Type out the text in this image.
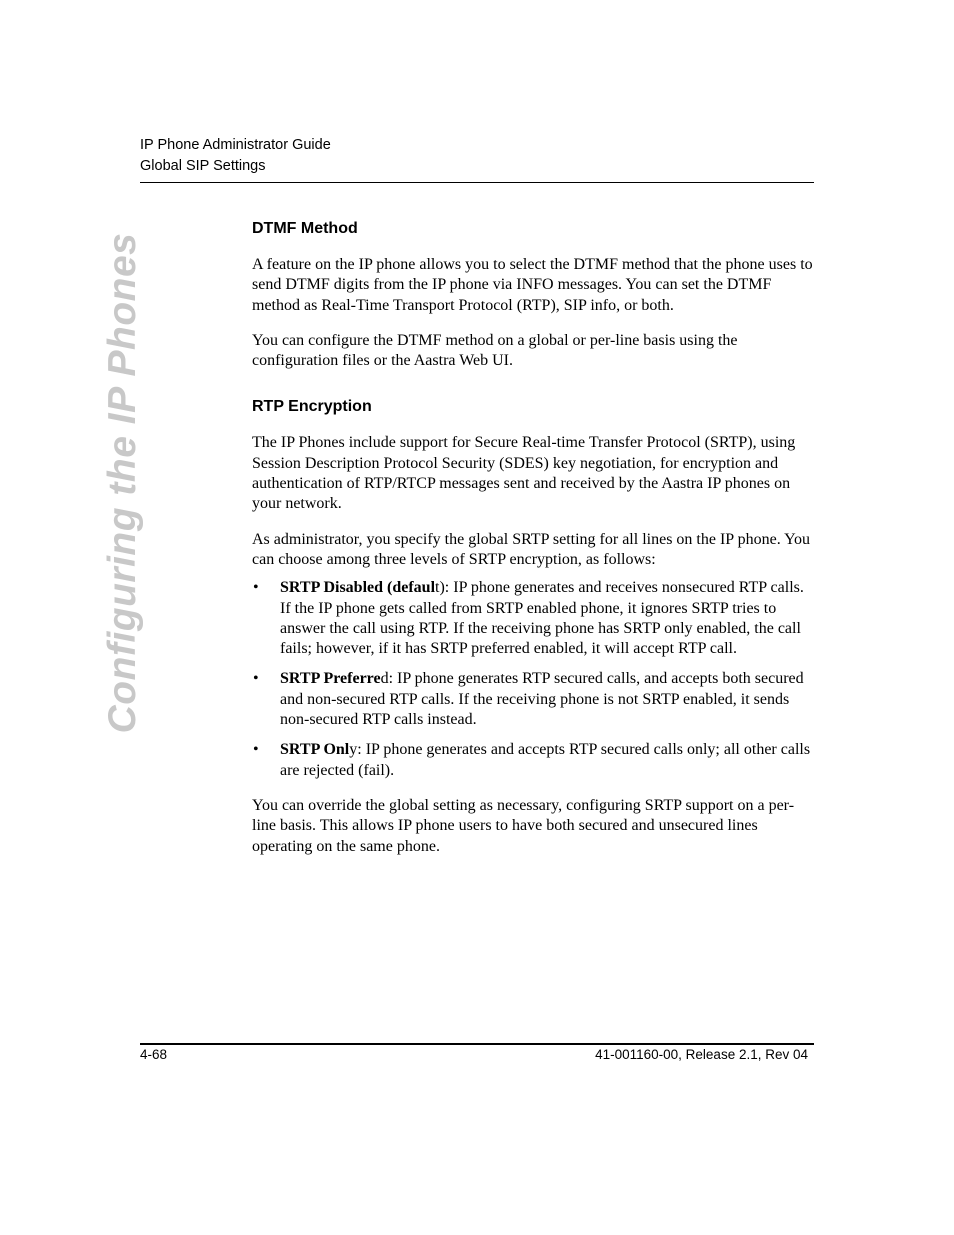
IP Phone Administrator Guide
Global SIP Settings
Configuring the IP Phones
DTMF Method

A feature on the IP phone allows you to select the DTMF method that the phone uses to send DTMF digits from the IP phone via INFO messages. You can set the DTMF method as Real-Time Transport Protocol (RTP), SIP info, or both.

You can configure the DTMF method on a global or per-line basis using the configuration files or the Aastra Web UI.

RTP Encryption

The IP Phones include support for Secure Real-time Transfer Protocol (SRTP), using Session Description Protocol Security (SDES) key negotiation, for encryption and authentication of RTP/RTCP messages sent and received by the Aastra IP phones on your network.

As administrator, you specify the global SRTP setting for all lines on the IP phone. You can choose among three levels of SRTP encryption, as follows:

• SRTP Disabled (default): IP phone generates and receives nonsecured RTP calls. If the IP phone gets called from SRTP enabled phone, it ignores SRTP tries to answer the call using RTP. If the receiving phone has SRTP only enabled, the call fails; however, if it has SRTP preferred enabled, it will accept RTP call.
• SRTP Preferred: IP phone generates RTP secured calls, and accepts both secured and non-secured RTP calls. If the receiving phone is not SRTP enabled, it sends non-secured RTP calls instead.
• SRTP Only: IP phone generates and accepts RTP secured calls only; all other calls are rejected (fail).

You can override the global setting as necessary, configuring SRTP support on a per-line basis. This allows IP phone users to have both secured and unsecured lines operating on the same phone.

4-68	41-001160-00, Release 2.1, Rev 04
